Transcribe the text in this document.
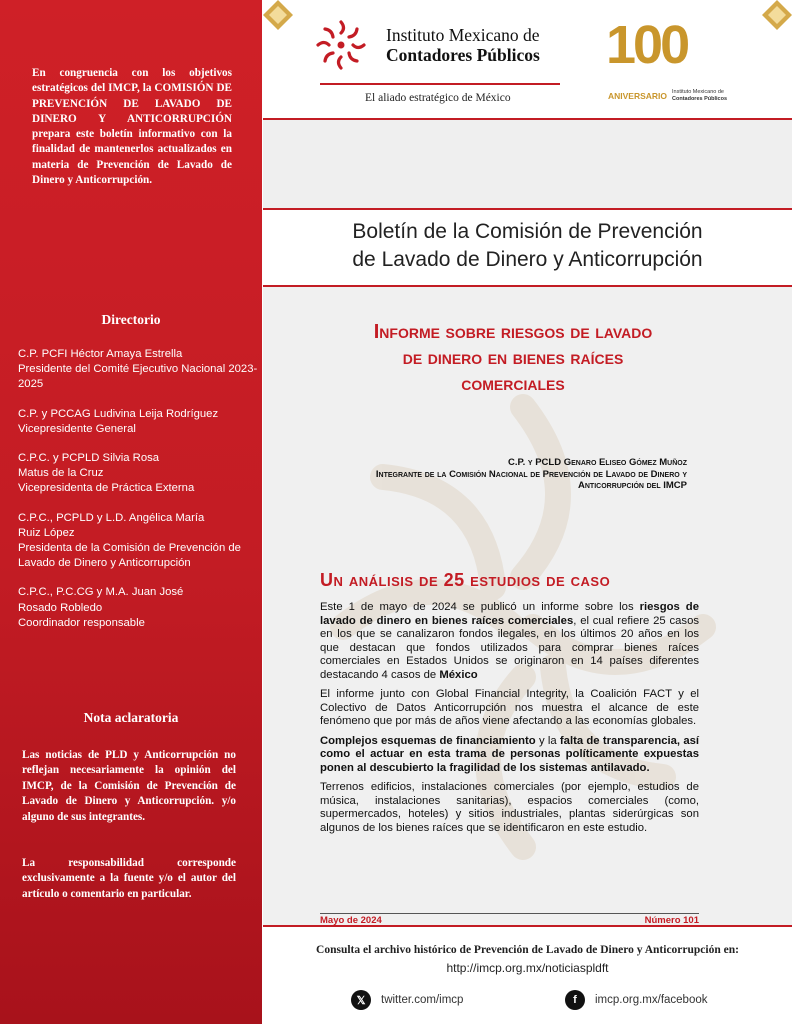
En congruencia con los objetivos estratégicos del IMCP, la COMISIÓN DE PREVENCIÓN DE LAVADO DE DINERO Y ANTICORRUPCIÓN prepara este boletín informativo con la finalidad de mantenerlos actualizados en materia de Prevención de Lavado de Dinero y Anticorrupción.
Directorio
C.P. PCFI Héctor Amaya Estrella
Presidente del Comité Ejecutivo Nacional 2023-2025
C.P. y PCCAG Ludivina Leija Rodríguez
Vicepresidente General
C.P.C. y PCPLD Silvia Rosa Matus de la Cruz
Vicepresidenta de Práctica Externa
C.P.C., PCPLD y L.D. Angélica María Ruiz López
Presidenta de la Comisión de Prevención de Lavado de Dinero y Anticorrupción
C.P.C., P.C.CG y M.A. Juan José Rosado Robledo
Coordinador responsable
Nota aclaratoria
Las noticias de PLD y Anticorrupción no reflejan necesariamente la opinión del IMCP, de la Comisión de Prevención de Lavado de Dinero y Anticorrupción. y/o alguno de sus integrantes.
La responsabilidad corresponde exclusivamente a la fuente y/o el autor del artículo o comentario en particular.
Instituto Mexicano de
Contadores Públicos
El aliado estratégico de México
100
ANIVERSARIO Instituto Mexicano de
Contadores Públicos
Boletín de la Comisión de Prevención
de Lavado de Dinero y Anticorrupción
Informe sobre riesgos de lavado
de dinero en bienes raíces
comerciales
C.P. y PCLD Genaro Eliseo Gómez Muñoz
Integrante de la Comisión Nacional de Prevención de Lavado de Dinero y
Anticorrupción del IMCP
Un análisis de 25 estudios de caso

Este 1 de mayo de 2024 se publicó un informe sobre los riesgos de lavado de dinero en bienes raíces comerciales, el cual refiere 25 casos en los que se canalizaron fondos ilegales, en los últimos 20 años en los que destacan que fondos utilizados para comprar bienes raíces comerciales en Estados Unidos se originaron en 14 países diferentes destacando 4 casos de México

El informe junto con Global Financial Integrity, la Coalición FACT y el Colectivo de Datos Anticorrupción nos muestra el alcance de este fenómeno que por más de años viene afectando a las economías globales.

Complejos esquemas de financiamiento y la falta de transparencia, así como el actuar en esta trama de personas políticamente expuestas ponen al descubierto la fragilidad de los sistemas antilavado.

Terrenos edificios, instalaciones comerciales (por ejemplo, estudios de música, instalaciones sanitarias), espacios comerciales (como, supermercados, hoteles) y sitios industriales, plantas siderúrgicas son algunos de los bienes raíces que se identificaron en este estudio.

Mayo de 2024	Número 101
Consulta el archivo histórico de Prevención de Lavado de Dinero y Anticorrupción en:
http://imcp.org.mx/noticiaspldft
𝕏	twitter.com/imcp	f	imcp.org.mx/facebook
